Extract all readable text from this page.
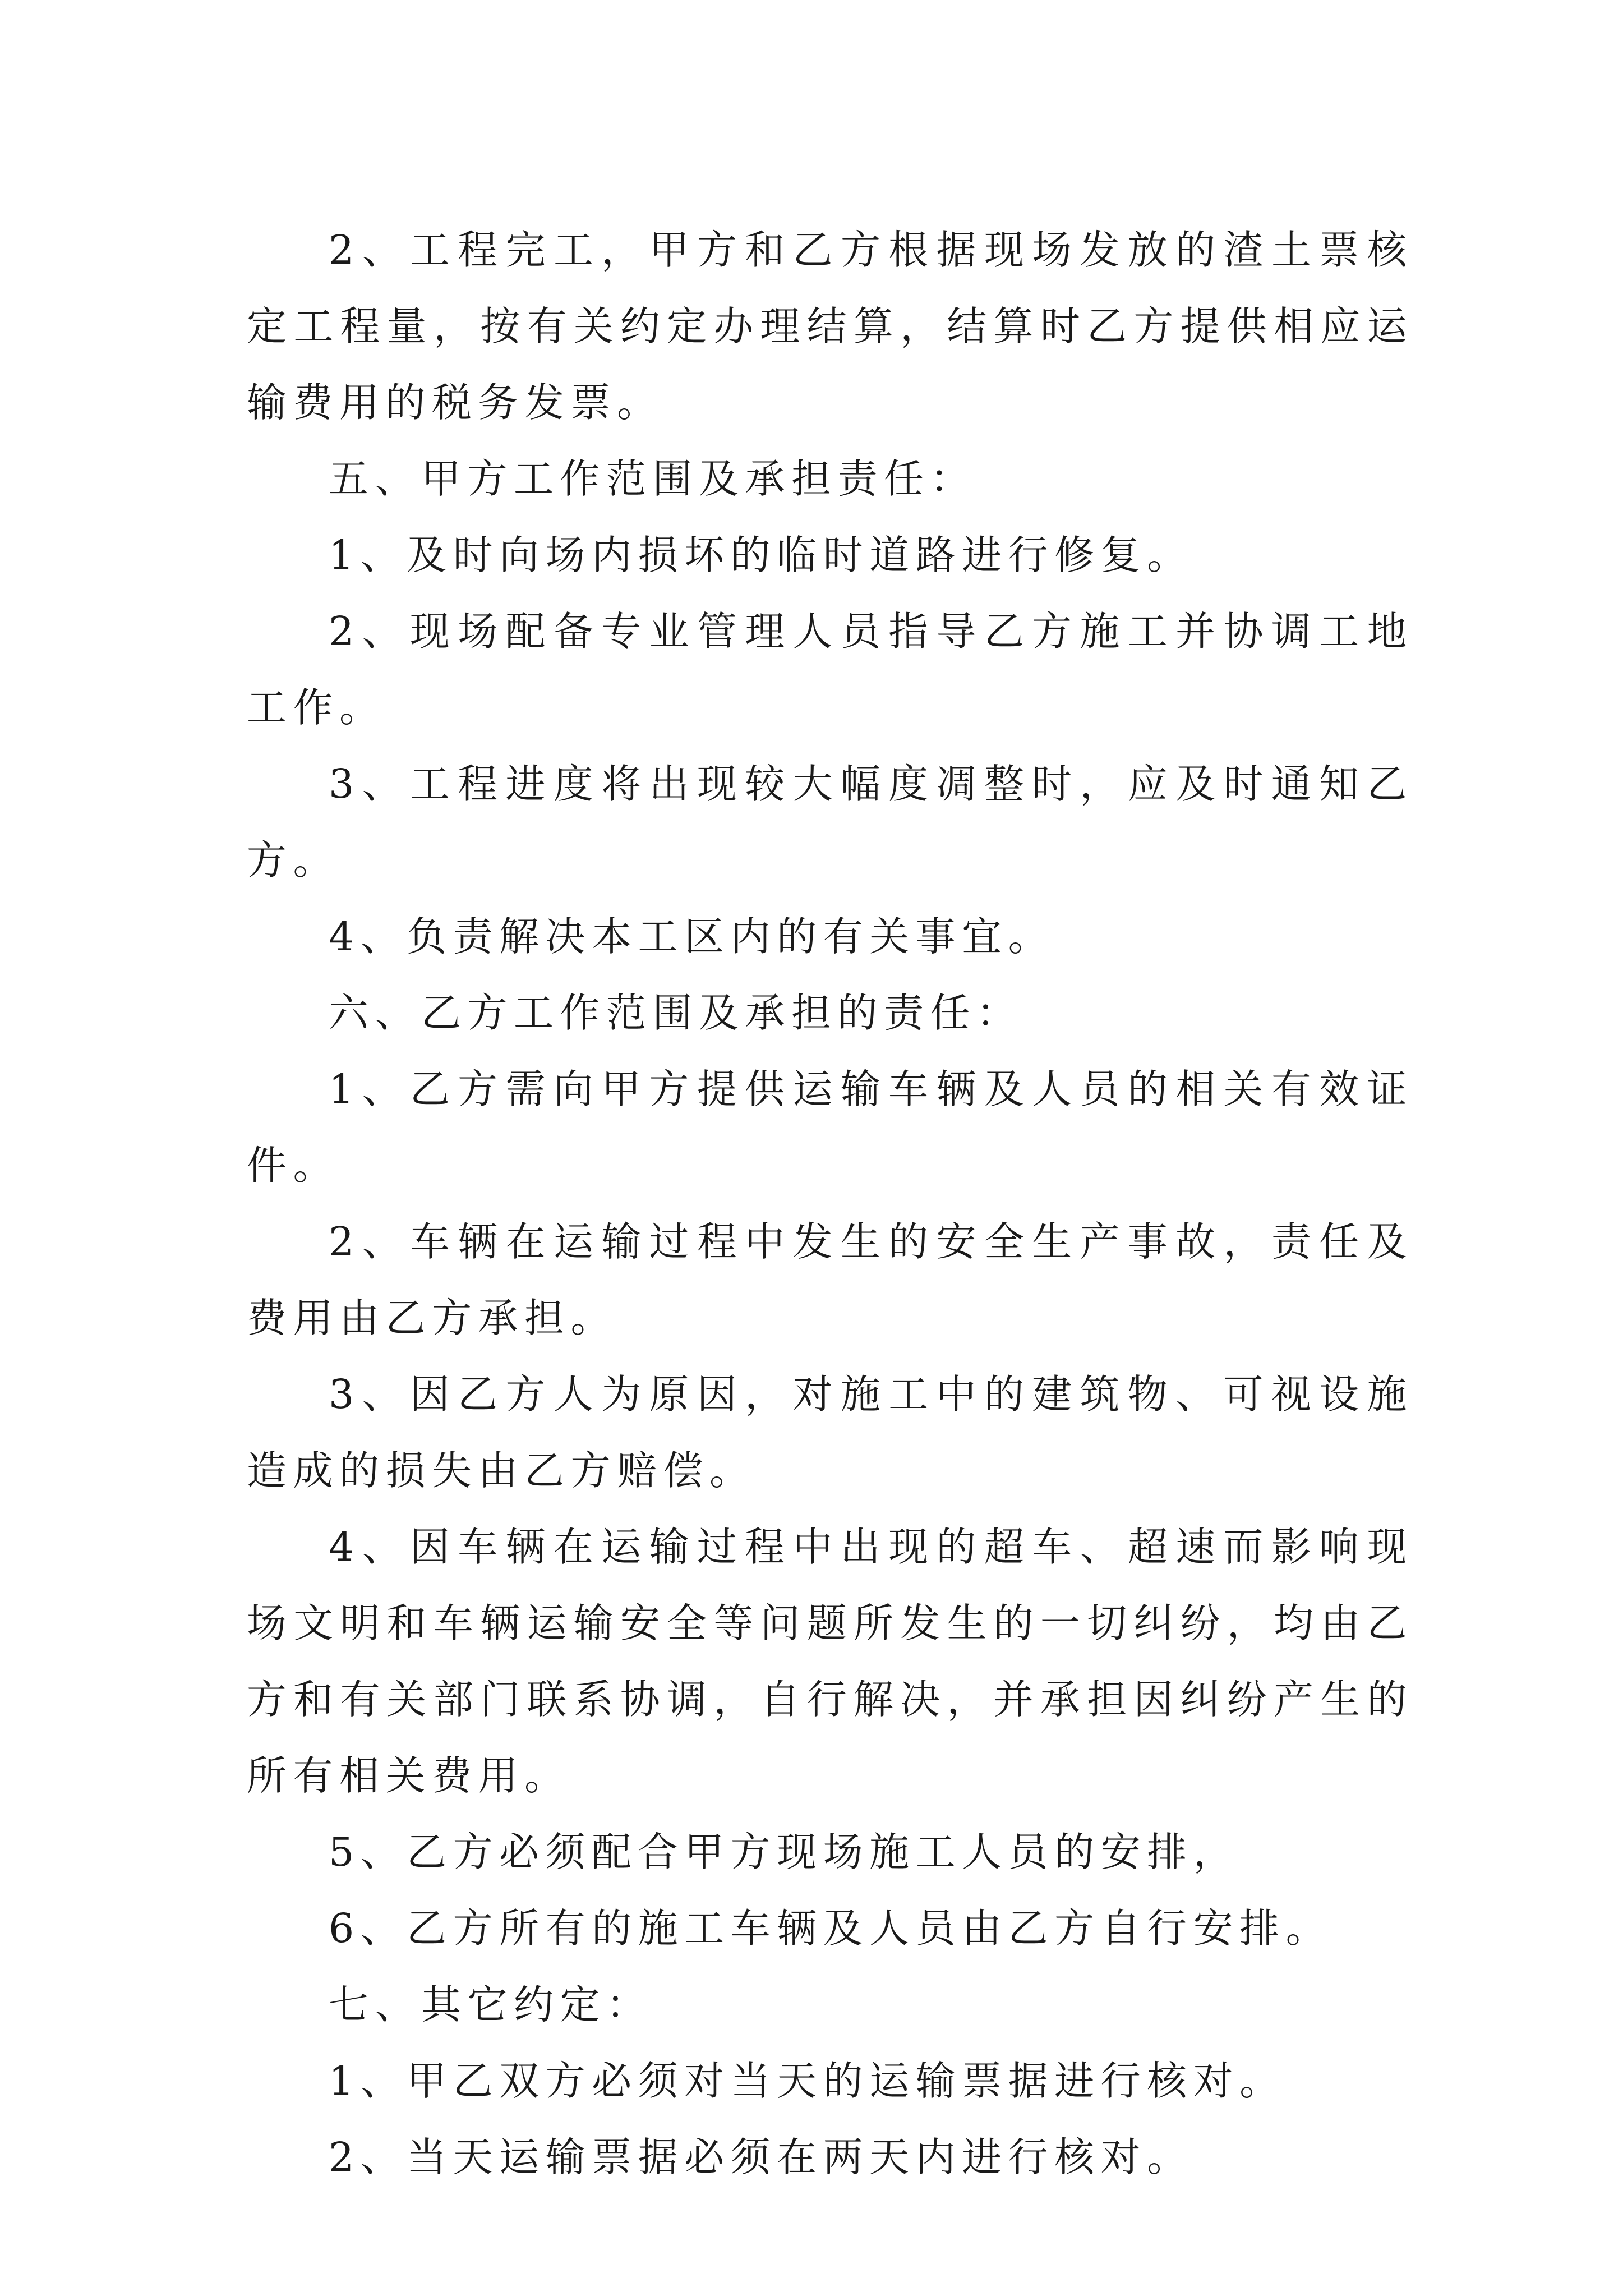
2、工程完工，甲方和乙方根据现场发放的渣土票核定工程量，按有关约定办理结算，结算时乙方提供相应运输费用的税务发票。

五、甲方工作范围及承担责任：

1、及时向场内损坏的临时道路进行修复。

2、现场配备专业管理人员指导乙方施工并协调工地工作。

3、工程进度将出现较大幅度凋整时，应及时通知乙方。

4、负责解决本工区内的有关事宜。

六、乙方工作范围及承担的责任：

1、乙方需向甲方提供运输车辆及人员的相关有效证件。

2、车辆在运输过程中发生的安全生产事故，责任及费用由乙方承担。

3、因乙方人为原因，对施工中的建筑物、可视设施造成的损失由乙方赔偿。

4、因车辆在运输过程中出现的超车、超速而影响现场文明和车辆运输安全等问题所发生的一切纠纷，均由乙方和有关部门联系协调，自行解决，并承担因纠纷产生的所有相关费用。

5、乙方必须配合甲方现场施工人员的安排，

6、乙方所有的施工车辆及人员由乙方自行安排。

七、其它约定：

1、甲乙双方必须对当天的运输票据进行核对。

2、当天运输票据必须在两天内进行核对。
